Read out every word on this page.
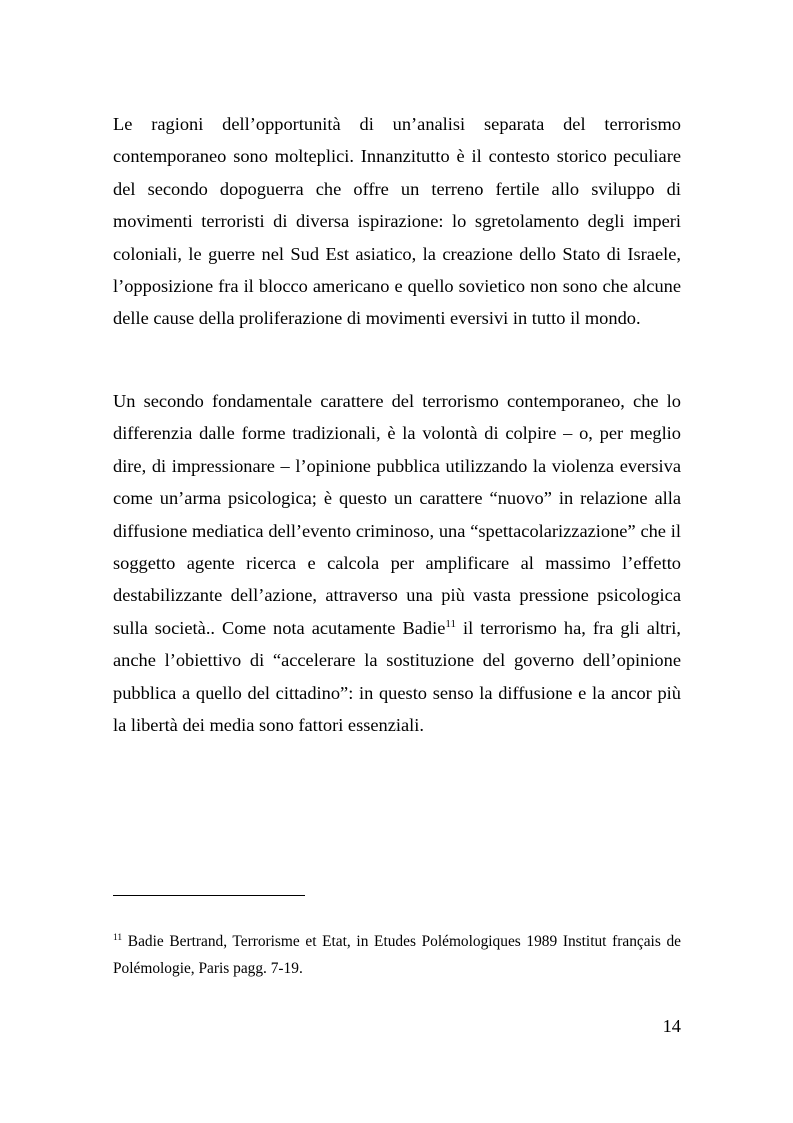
Le ragioni dell’opportunità di un’analisi separata del terrorismo contemporaneo sono molteplici. Innanzitutto è il contesto storico peculiare del secondo dopoguerra che offre un terreno fertile allo sviluppo di movimenti terroristi di diversa ispirazione: lo sgretolamento degli imperi coloniali, le guerre nel Sud Est asiatico, la creazione dello Stato di Israele, l’opposizione fra il blocco americano e quello sovietico non sono che alcune delle cause della proliferazione di movimenti eversivi in tutto il mondo.

Un secondo fondamentale carattere del terrorismo contemporaneo, che lo differenzia dalle forme tradizionali, è la volontà di colpire – o, per meglio dire, di impressionare – l’opinione pubblica utilizzando la violenza eversiva come un’arma psicologica; è questo un carattere “nuovo” in relazione alla diffusione mediatica dell’evento criminoso, una “spettacolarizzazione” che il soggetto agente ricerca e calcola per amplificare al massimo l’effetto destabilizzante dell’azione, attraverso una più vasta pressione psicologica sulla società.. Come nota acutamente Badie$^{11}$ il terrorismo ha, fra gli altri, anche l’obiettivo di “accelerare la sostituzione del governo dell’opinione pubblica a quello del cittadino”: in questo senso la diffusione e la ancor più la libertà dei media sono fattori essenziali.

$^{11}$ Badie Bertrand, Terrorisme et Etat, in Etudes Polémologiques 1989 Institut français de Polémologie, Paris pagg. 7-19.

14
